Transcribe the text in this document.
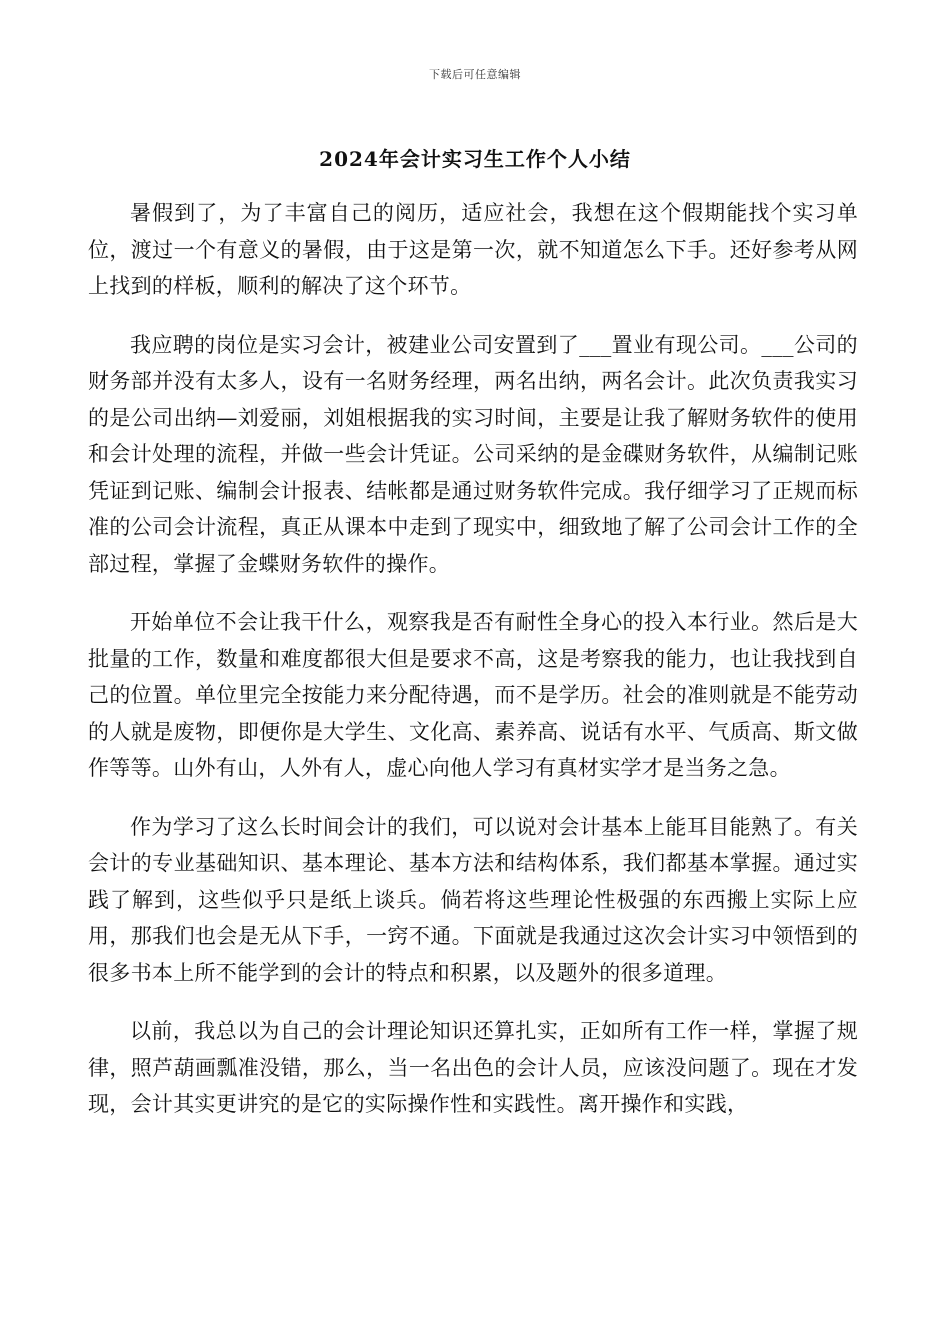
下载后可任意编辑
2024年会计实习生工作个人小结

暑假到了，为了丰富自己的阅历，适应社会，我想在这个假期能找个实习单位，渡过一个有意义的暑假，由于这是第一次，就不知道怎么下手。还好参考从网上找到的样板，顺利的解决了这个环节。

我应聘的岗位是实习会计，被建业公司安置到了___置业有现公司。___公司的财务部并没有太多人，设有一名财务经理，两名出纳，两名会计。此次负责我实习的是公司出纳—刘爱丽，刘姐根据我的实习时间，主要是让我了解财务软件的使用和会计处理的流程，并做一些会计凭证。公司采纳的是金碟财务软件，从编制记账凭证到记账、编制会计报表、结帐都是通过财务软件完成。我仔细学习了正规而标准的公司会计流程，真正从课本中走到了现实中，细致地了解了公司会计工作的全部过程，掌握了金蝶财务软件的操作。

开始单位不会让我干什么，观察我是否有耐性全身心的投入本行业。然后是大批量的工作，数量和难度都很大但是要求不高，这是考察我的能力，也让我找到自己的位置。单位里完全按能力来分配待遇，而不是学历。社会的准则就是不能劳动的人就是废物，即便你是大学生、文化高、素养高、说话有水平、气质高、斯文做作等等。山外有山，人外有人，虚心向他人学习有真材实学才是当务之急。

作为学习了这么长时间会计的我们，可以说对会计基本上能耳目能熟了。有关会计的专业基础知识、基本理论、基本方法和结构体系，我们都基本掌握。通过实践了解到，这些似乎只是纸上谈兵。倘若将这些理论性极强的东西搬上实际上应用，那我们也会是无从下手，一窍不通。下面就是我通过这次会计实习中领悟到的很多书本上所不能学到的会计的特点和积累，以及题外的很多道理。

以前，我总以为自己的会计理论知识还算扎实，正如所有工作一样，掌握了规律，照芦葫画瓢准没错，那么，当一名出色的会计人员，应该没问题了。现在才发现，会计其实更讲究的是它的实际操作性和实践性。离开操作和实践，
